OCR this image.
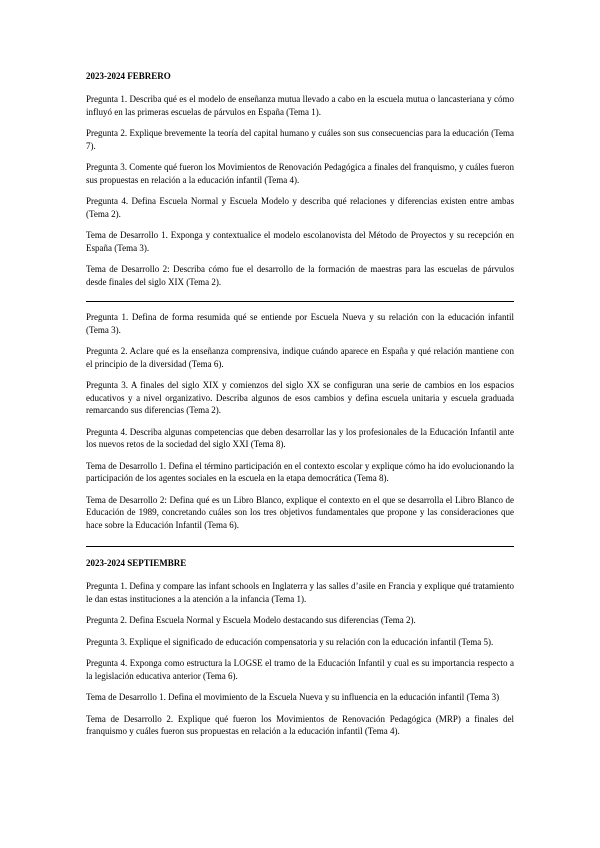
2023-2024 FEBRERO

Pregunta 1. Describa qué es el modelo de enseñanza mutua llevado a cabo en la escuela mutua o lancasteriana y cómo influyó en las primeras escuelas de párvulos en España (Tema 1).

Pregunta 2. Explique brevemente la teoría del capital humano y cuáles son sus consecuencias para la educación (Tema 7).

Pregunta 3. Comente qué fueron los Movimientos de Renovación Pedagógica a finales del franquismo, y cuáles fueron sus propuestas en relación a la educación infantil (Tema 4).

Pregunta 4. Defina Escuela Normal y Escuela Modelo y describa qué relaciones y diferencias existen entre ambas (Tema 2).

Tema de Desarrollo 1. Exponga y contextualice el modelo escolanovista del Método de Proyectos y su recepción en España (Tema 3).

Tema de Desarrollo 2: Describa cómo fue el desarrollo de la formación de maestras para las escuelas de párvulos desde finales del siglo XIX (Tema 2).

Pregunta 1. Defina de forma resumida qué se entiende por Escuela Nueva y su relación con la educación infantil (Tema 3).

Pregunta 2. Aclare qué es la enseñanza comprensiva, indique cuándo aparece en España y qué relación mantiene con el principio de la diversidad (Tema 6).

Pregunta 3. A finales del siglo XIX y comienzos del siglo XX se configuran una serie de cambios en los espacios educativos y a nivel organizativo. Describa algunos de esos cambios y defina escuela unitaria y escuela graduada remarcando sus diferencias (Tema 2).

Pregunta 4. Describa algunas competencias que deben desarrollar las y los profesionales de la Educación Infantil ante los nuevos retos de la sociedad del siglo XXI (Tema 8).

Tema de Desarrollo 1. Defina el término participación en el contexto escolar y explique cómo ha ido evolucionando la participación de los agentes sociales en la escuela en la etapa democrática (Tema 8).

Tema de Desarrollo 2: Defina qué es un Libro Blanco, explique el contexto en el que se desarrolla el Libro Blanco de Educación de 1989, concretando cuáles son los tres objetivos fundamentales que propone y las consideraciones que hace sobre la Educación Infantil (Tema 6).

2023-2024 SEPTIEMBRE

Pregunta 1. Defina y compare las infant schools en Inglaterra y las salles d’asile en Francia y explique qué tratamiento le dan estas instituciones a la atención a la infancia (Tema 1).

Pregunta 2. Defina Escuela Normal y Escuela Modelo destacando sus diferencias (Tema 2).

Pregunta 3. Explique el significado de educación compensatoria y su relación con la educación infantil (Tema 5).

Pregunta 4. Exponga como estructura la LOGSE el tramo de la Educación Infantil y cual es su importancia respecto a la legislación educativa anterior (Tema 6).

Tema de Desarrollo 1. Defina el movimiento de la Escuela Nueva y su influencia en la educación infantil (Tema 3)

Tema de Desarrollo 2. Explique qué fueron los Movimientos de Renovación Pedagógica (MRP) a finales del franquismo y cuáles fueron sus propuestas en relación a la educación infantil (Tema 4).
